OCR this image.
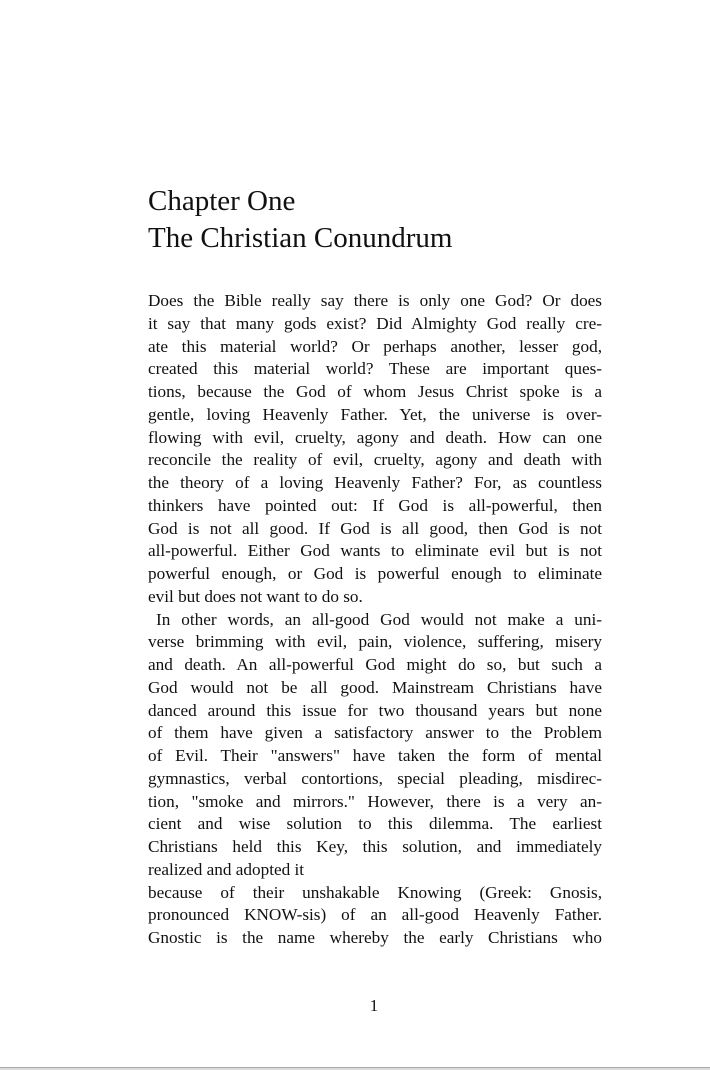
Chapter One
The Christian Conundrum
Does the Bible really say there is only one God? Or does
it say that many gods exist? Did Almighty God really cre-
ate this material world? Or perhaps another, lesser god,
created this material world? These are important ques-
tions, because the God of whom Jesus Christ spoke is a
gentle, loving Heavenly Father. Yet, the universe is over-
flowing with evil, cruelty, agony and death. How can one
reconcile the reality of evil, cruelty, agony and death with
the theory of a loving Heavenly Father? For, as countless
thinkers have pointed out: If God is all-powerful, then
God is not all good. If God is all good, then God is not
all-powerful. Either God wants to eliminate evil but is not
powerful enough, or God is powerful enough to eliminate
evil but does not want to do so.
In other words, an all-good God would not make a uni-
verse brimming with evil, pain, violence, suffering, misery
and death. An all-powerful God might do so, but such a
God would not be all good. Mainstream Christians have
danced around this issue for two thousand years but none
of them have given a satisfactory answer to the Problem
of Evil. Their "answers" have taken the form of mental
gymnastics, verbal contortions, special pleading, misdirec-
tion, "smoke and mirrors." However, there is a very an-
cient and wise solution to this dilemma. The earliest
Christians held this Key, this solution, and immediately
realized and adopted it
because of their unshakable Knowing (Greek: Gnosis,
pronounced KNOW-sis) of an all-good Heavenly Father.
Gnostic is the name whereby the early Christians who
1
